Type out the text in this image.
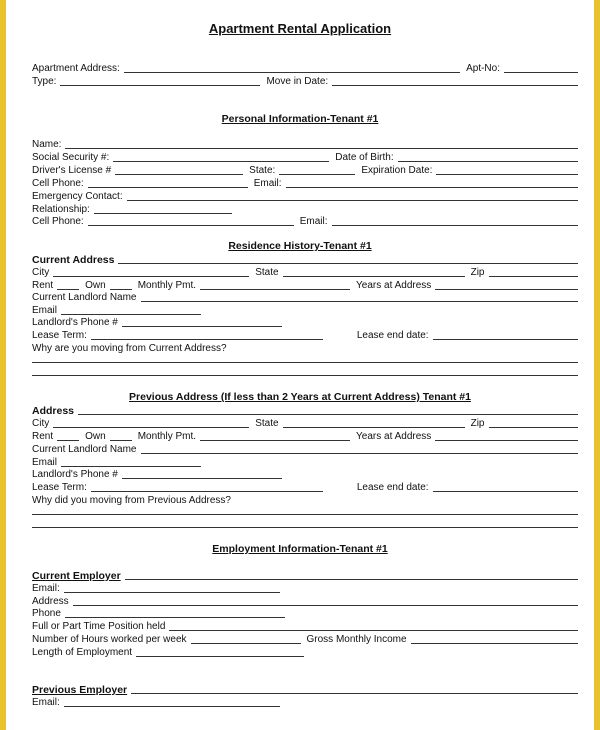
Apartment Rental Application
Apartment Address:	Apt-No:
Type:	Move in Date:
Personal Information-Tenant #1
Name:
Social Security #:	Date of Birth:
Driver's License #	State:	Expiration Date:
Cell Phone:	Email:
Emergency Contact:
Relationship:
Cell Phone:	Email:
Residence History-Tenant #1
Current Address
City	State	Zip
Rent	Own	Monthly Pmt.	Years at Address
Current Landlord Name
Email
Landlord's Phone #
Lease Term:	Lease end date:
Why are you moving from Current Address?
Previous Address (If less than 2 Years at Current Address) Tenant #1
Address
City	State	Zip
Rent	Own	Monthly Pmt.	Years at Address
Current Landlord Name
Email
Landlord's Phone #
Lease Term:	Lease end date:
Why did you moving from Previous Address?
Employment Information-Tenant #1
Current Employer
Email:
Address
Phone
Full or Part Time Position held
Number of Hours worked per week	Gross Monthly Income
Length of Employment
Previous Employer
Email:
